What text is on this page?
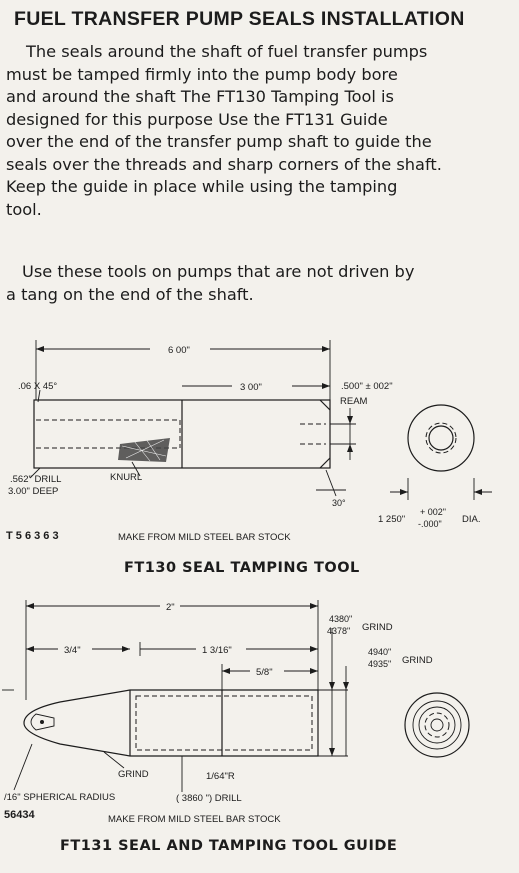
FUEL TRANSFER PUMP SEALS INSTALLATION
The seals around the shaft of fuel transfer pumps
must be tamped firmly into the pump body bore
and around the shaft The FT130 Tamping Tool is
designed for this purpose Use the FT131 Guide
over the end of the transfer pump shaft to guide the
seals over the threads and sharp corners of the shaft.
Keep the guide in place while using the tamping
tool.
Use these tools on pumps that are not driven by
a tang on the end of the shaft.
6 00"
.06 X 45°	3 00"	.500" ± 002"
REAM
.562" DRILL
3.00" DEEP
KNURL
30°
1 250"
+ 002"
-.000" DIA.
T 5 6 3 6 3	MAKE FROM MILD STEEL BAR STOCK
2"
4380"
4378" GRIND
4940"
4935" GRIND
3/4"	1 3/16"
5/8"
GRIND	1/64"R
/16" SPHERICAL RADIUS	( 3860 ") DRILL
56434	MAKE FROM MILD STEEL BAR STOCK
FT130 SEAL TAMPING TOOL
FT131 SEAL AND TAMPING TOOL GUIDE
